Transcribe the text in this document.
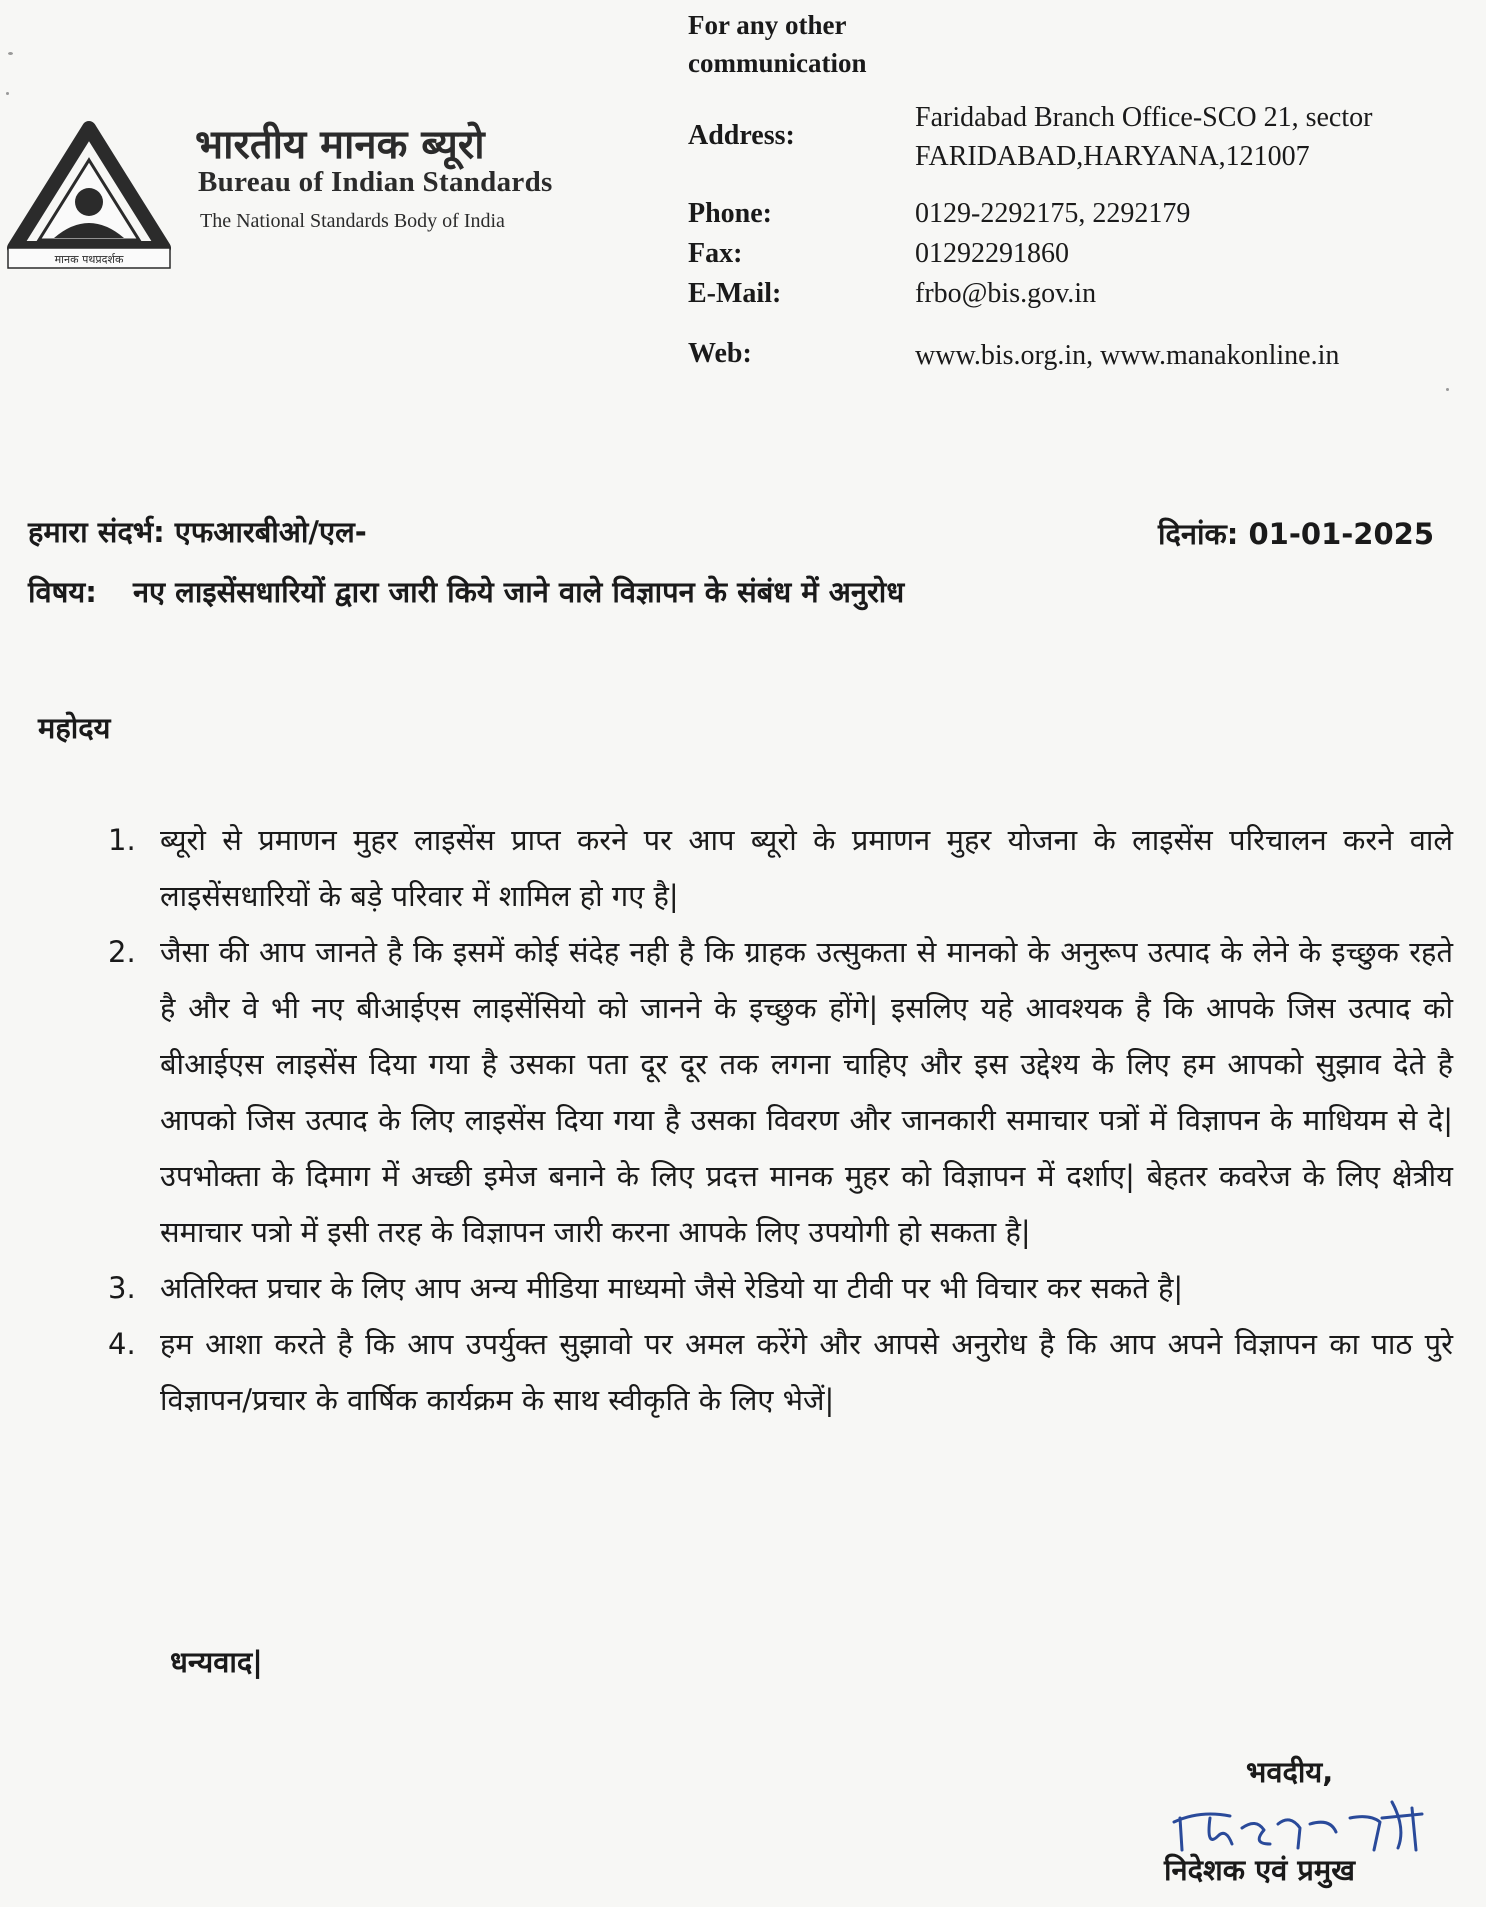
मानक पथप्रदर्शक
भारतीय मानक ब्यूरो
Bureau of Indian Standards
The National Standards Body of India
For any other
communication
Address:
Faridabad Branch Office-SCO 21, sector
FARIDABAD,HARYANA,121007
Phone:	0129-2292175, 2292179
Fax:	01292291860
E-Mail:	frbo@bis.gov.in
Web:	www.bis.org.in, www.manakonline.in
हमारा संदर्भ: एफआरबीओ/एल-	दिनांक: 01-01-2025
विषय: नए लाइसेंसधारियों द्वारा जारी किये जाने वाले विज्ञापन के संबंध में अनुरोध
महोदय
1. ब्यूरो से प्रमाणन मुहर लाइसेंस प्राप्त करने पर आप ब्यूरो के प्रमाणन मुहर योजना के लाइसेंस परिचालन करने वाले लाइसेंसधारियों के बड़े परिवार में शामिल हो गए है|
2. जैसा की आप जानते है कि इसमें कोई संदेह नही है कि ग्राहक उत्सुकता से मानको के अनुरूप उत्पाद के लेने के इच्छुक रहते है और वे भी नए बीआईएस लाइसेंसियो को जानने के इच्छुक होंगे| इसलिए यहे आवश्यक है कि आपके जिस उत्पाद को बीआईएस लाइसेंस दिया गया है उसका पता दूर दूर तक लगना चाहिए और इस उद्देश्य के लिए हम आपको सुझाव देते है आपको जिस उत्पाद के लिए लाइसेंस दिया गया है उसका विवरण और जानकारी समाचार पत्रों में विज्ञापन के माधियम से दे| उपभोक्ता के दिमाग में अच्छी इमेज बनाने के लिए प्रदत्त मानक मुहर को विज्ञापन में दर्शाए| बेहतर कवरेज के लिए क्षेत्रीय समाचार पत्रो में इसी तरह के विज्ञापन जारी करना आपके लिए उपयोगी हो सकता है|
3. अतिरिक्त प्रचार के लिए आप अन्य मीडिया माध्यमो जैसे रेडियो या टीवी पर भी विचार कर सकते है|
4. हम आशा करते है कि आप उपर्युक्त सुझावो पर अमल करेंगे और आपसे अनुरोध है कि आप अपने विज्ञापन का पाठ पुरे विज्ञापन/प्रचार के वार्षिक कार्यक्रम के साथ स्वीकृति के लिए भेजें|
धन्यवाद|
भवदीय,
निदेशक एवं प्रमुख
